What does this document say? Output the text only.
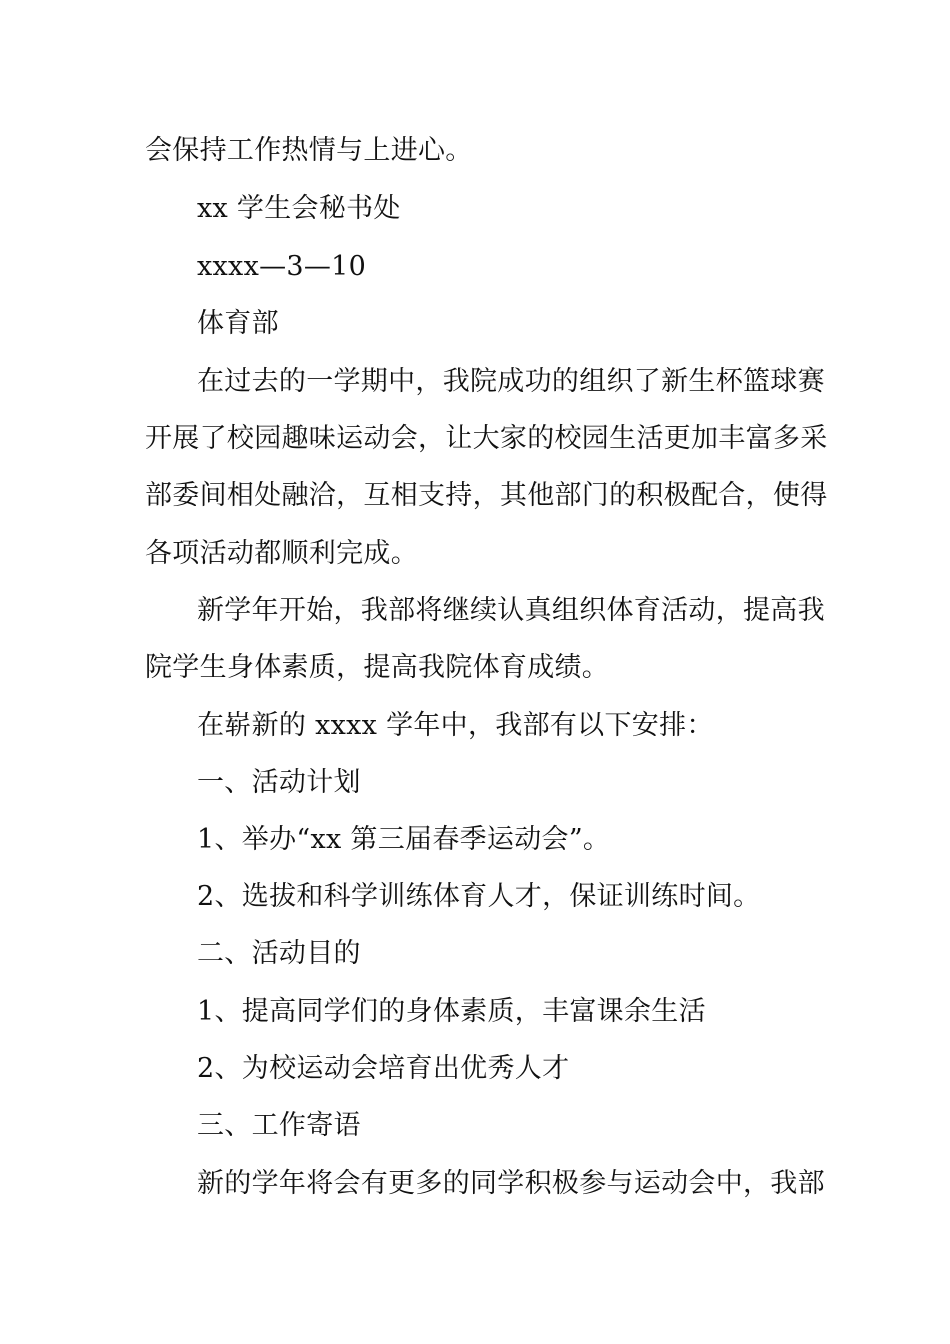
会保持工作热情与上进心。
xx 学生会秘书处
xxxx—3—10
体育部
在过去的一学期中，我院成功的组织了新生杯篮球赛
开展了校园趣味运动会，让大家的校园生活更加丰富多采
部委间相处融洽，互相支持，其他部门的积极配合，使得
各项活动都顺利完成。
新学年开始，我部将继续认真组织体育活动，提高我
院学生身体素质，提高我院体育成绩。
在崭新的 xxxx 学年中，我部有以下安排：
一、活动计划
1、举办“xx 第三届春季运动会”。
2、选拔和科学训练体育人才，保证训练时间。
二、活动目的
1、提高同学们的身体素质，丰富课余生活
2、为校运动会培育出优秀人才
三、工作寄语
新的学年将会有更多的同学积极参与运动会中，我部
